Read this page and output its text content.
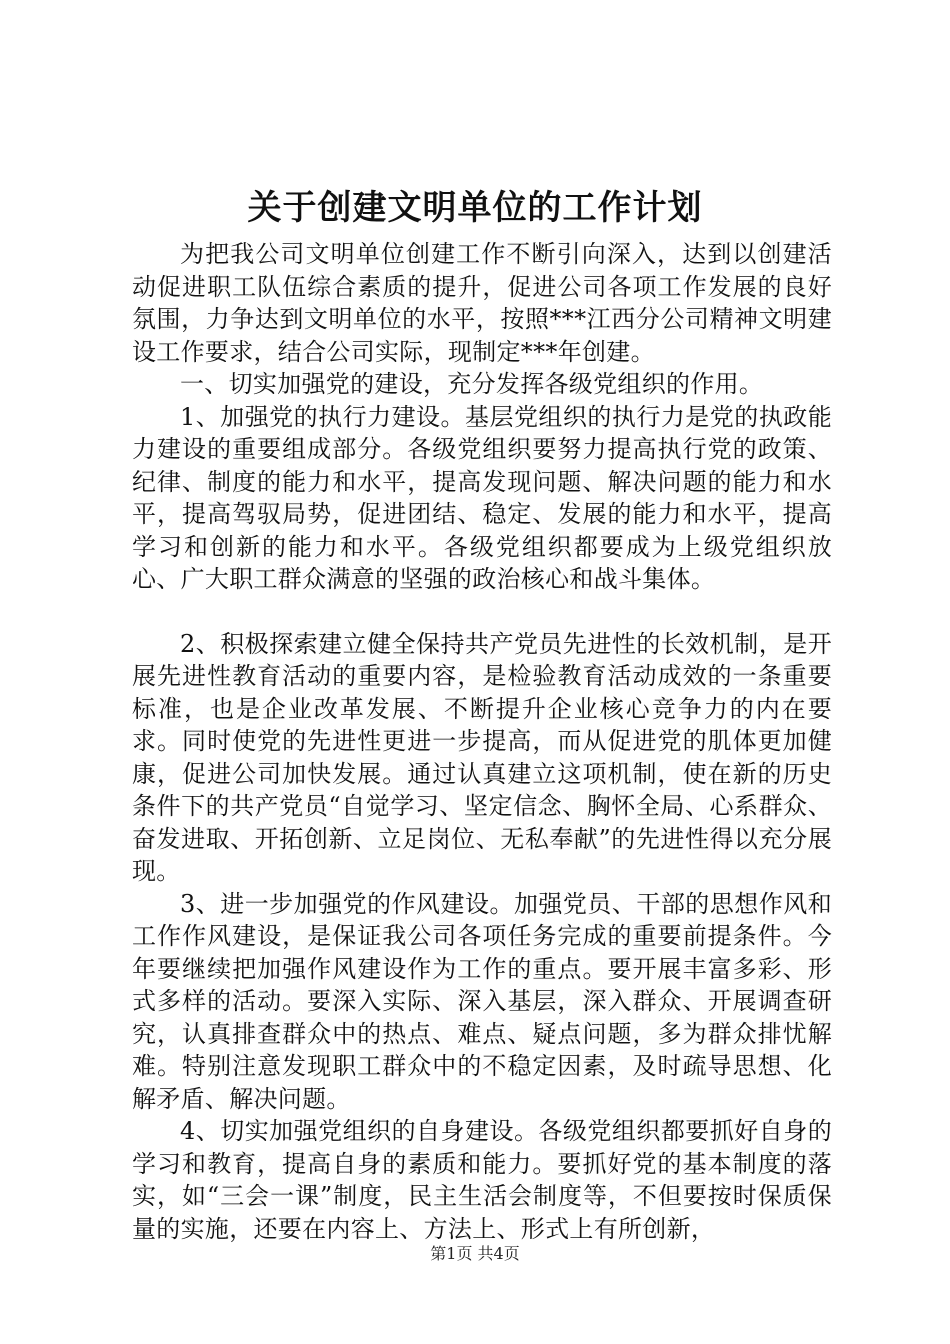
关于创建文明单位的工作计划

为把我公司文明单位创建工作不断引向深入，达到以创建活动促进职工队伍综合素质的提升，促进公司各项工作发展的良好氛围，力争达到文明单位的水平，按照***江西分公司精神文明建设工作要求，结合公司实际，现制定***年创建。

一、切实加强党的建设，充分发挥各级党组织的作用。

1、加强党的执行力建设。基层党组织的执行力是党的执政能力建设的重要组成部分。各级党组织要努力提高执行党的政策、纪律、制度的能力和水平，提高发现问题、解决问题的能力和水平，提高驾驭局势，促进团结、稳定、发展的能力和水平，提高学习和创新的能力和水平。各级党组织都要成为上级党组织放心、广大职工群众满意的坚强的政治核心和战斗集体。

2、积极探索建立健全保持共产党员先进性的长效机制，是开展先进性教育活动的重要内容，是检验教育活动成效的一条重要标准，也是企业改革发展、不断提升企业核心竞争力的内在要求。同时使党的先进性更进一步提高，而从促进党的肌体更加健康，促进公司加快发展。通过认真建立这项机制，使在新的历史条件下的共产党员“自觉学习、坚定信念、胸怀全局、心系群众、奋发进取、开拓创新、立足岗位、无私奉献”的先进性得以充分展现。

3、进一步加强党的作风建设。加强党员、干部的思想作风和工作作风建设，是保证我公司各项任务完成的重要前提条件。今年要继续把加强作风建设作为工作的重点。要开展丰富多彩、形式多样的活动。要深入实际、深入基层，深入群众、开展调查研究，认真排查群众中的热点、难点、疑点问题，多为群众排忧解难。特别注意发现职工群众中的不稳定因素，及时疏导思想、化解矛盾、解决问题。

4、切实加强党组织的自身建设。各级党组织都要抓好自身的学习和教育，提高自身的素质和能力。要抓好党的基本制度的落实，如“三会一课”制度，民主生活会制度等，不但要按时保质保量的实施，还要在内容上、方法上、形式上有所创新，

第1页 共4页
